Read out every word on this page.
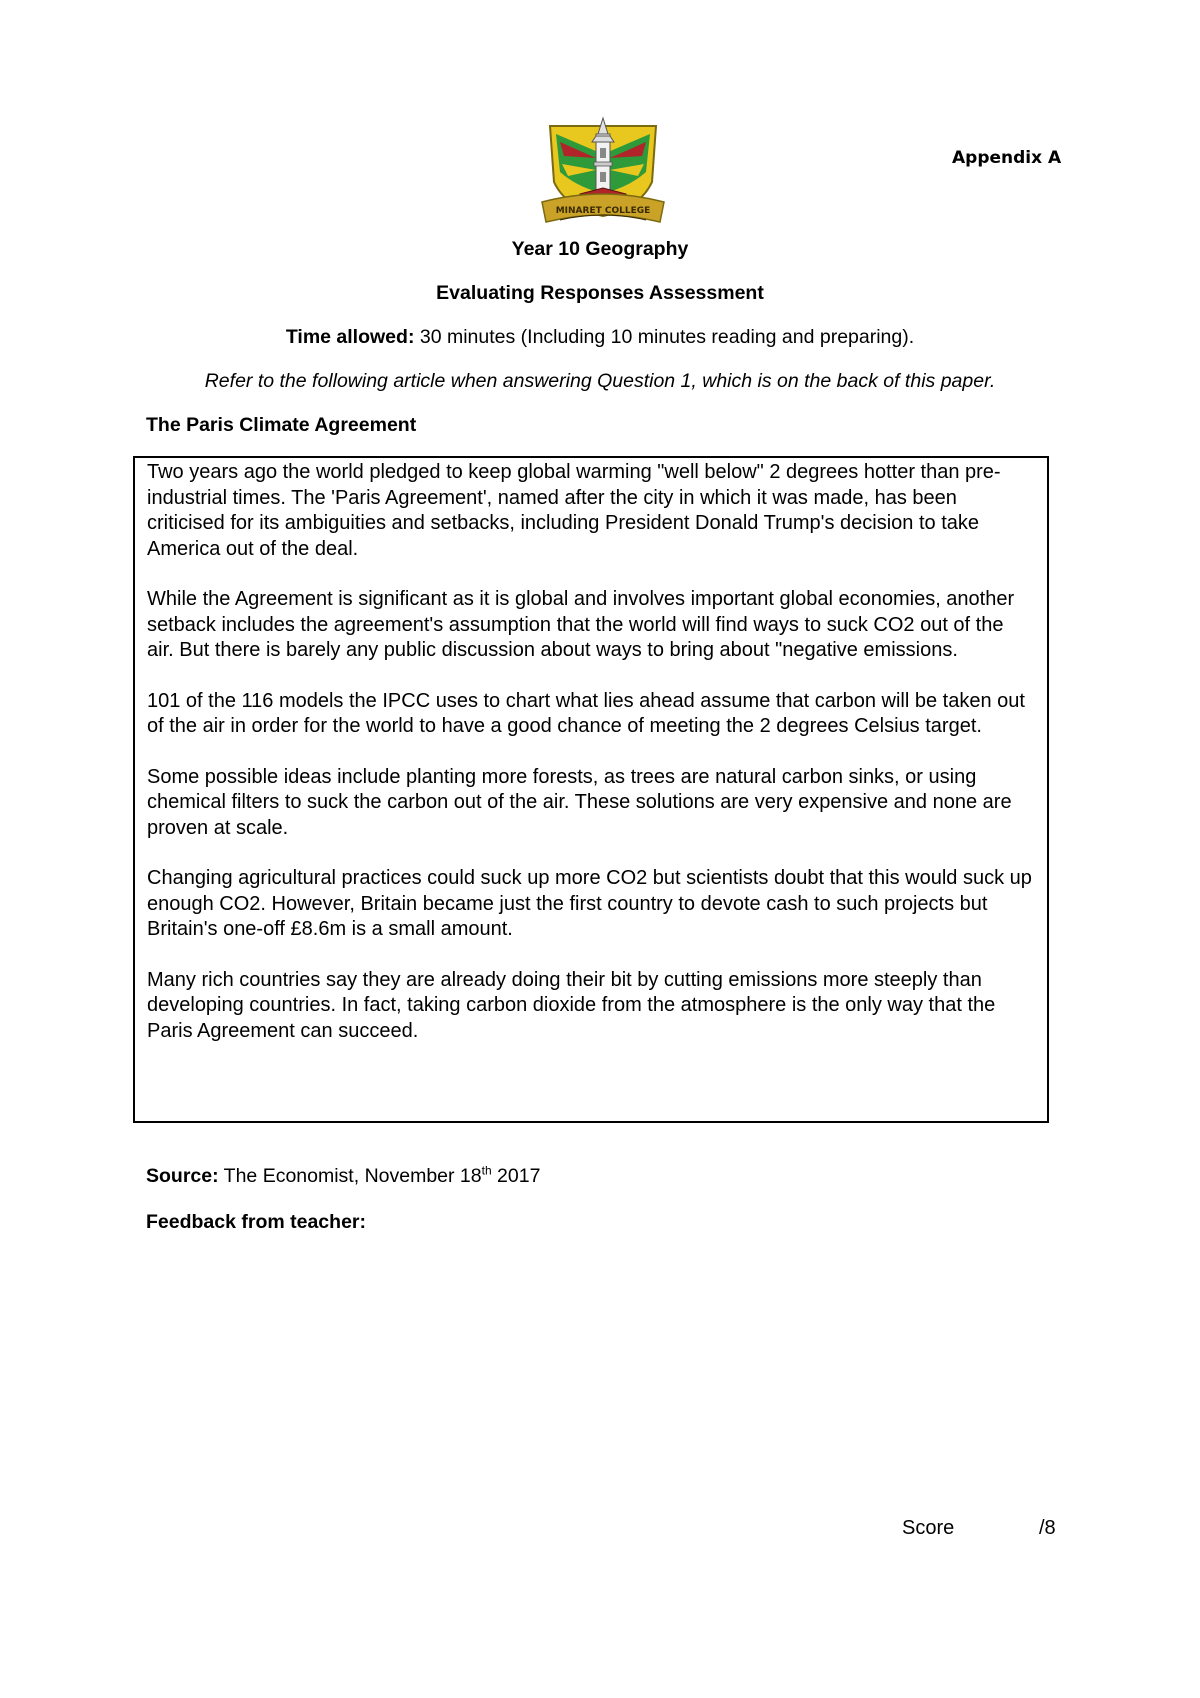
MINARET COLLEGE
Appendix A
Year 10 Geography
Evaluating Responses Assessment
Time allowed: 30 minutes (Including 10 minutes reading and preparing).
Refer to the following article when answering Question 1, which is on the back of this paper.
The Paris Climate Agreement

Two years ago the world pledged to keep global warming "well below" 2 degrees hotter than pre-industrial times. The 'Paris Agreement', named after the city in which it was made, has been criticised for its ambiguities and setbacks, including President Donald Trump's decision to take America out of the deal.

While the Agreement is significant as it is global and involves important global economies, another setback includes the agreement's assumption that the world will find ways to suck CO2 out of the air. But there is barely any public discussion about ways to bring about "negative emissions.

101 of the 116 models the IPCC uses to chart what lies ahead assume that carbon will be taken out of the air in order for the world to have a good chance of meeting the 2 degrees Celsius target.

Some possible ideas include planting more forests, as trees are natural carbon sinks, or using chemical filters to suck the carbon out of the air. These solutions are very expensive and none are proven at scale.

Changing agricultural practices could suck up more CO2 but scientists doubt that this would suck up enough CO2. However, Britain became just the first country to devote cash to such projects but Britain's one-off £8.6m is a small amount.

Many rich countries say they are already doing their bit by cutting emissions more steeply than developing countries. In fact, taking carbon dioxide from the atmosphere is the only way that the Paris Agreement can succeed.

Source: The Economist, November 18th 2017
Feedback from teacher:
Score	/8
